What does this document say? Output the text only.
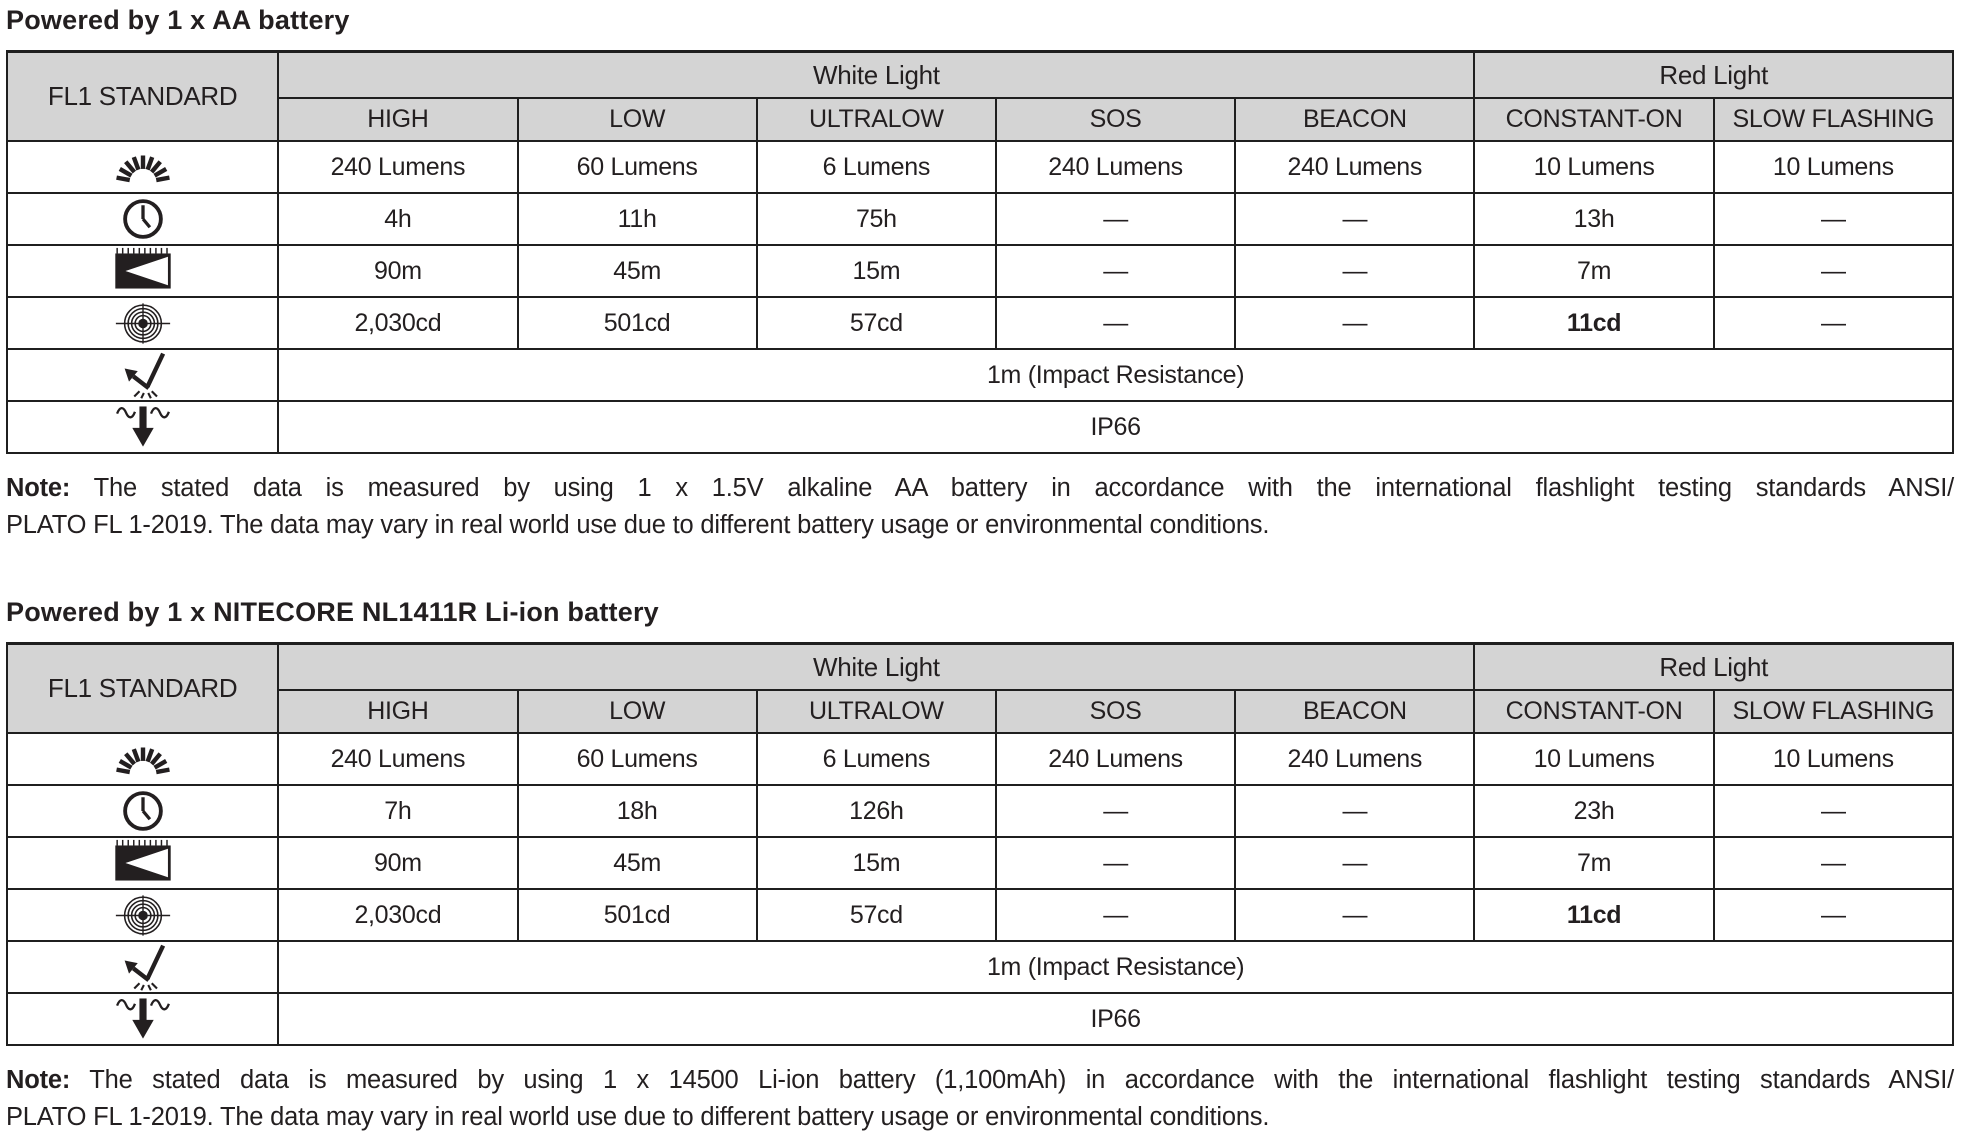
Powered by 1 x AA battery
FL1 STANDARD	White Light					Red Light	
	HIGH	LOW	ULTRALOW	SOS	BEACON	CONSTANT-ON	SLOW FLASHING

	240 Lumens	60 Lumens	6 Lumens	240 Lumens	240 Lumens	10 Lumens	10 Lumens

	4h	11h	75h	—	—	13h	—

	90m	45m	15m	—	—	7m	—

	2,030cd	501cd	57cd	—	—	11cd	—

	1m (Impact Resistance)						

	IP66						
Note: The stated data is measured by using 1 x 1.5V alkaline AA battery in accordance with the international flashlight testing standards ANSI/
PLATO FL 1-2019. The data may vary in real world use due to different battery usage or environmental conditions.
Powered by 1 x NITECORE NL1411R Li-ion battery
FL1 STANDARD	White Light					Red Light	
	HIGH	LOW	ULTRALOW	SOS	BEACON	CONSTANT-ON	SLOW FLASHING

	240 Lumens	60 Lumens	6 Lumens	240 Lumens	240 Lumens	10 Lumens	10 Lumens

	7h	18h	126h	—	—	23h	—

	90m	45m	15m	—	—	7m	—

	2,030cd	501cd	57cd	—	—	11cd	—

	1m (Impact Resistance)						

	IP66						
Note: The stated data is measured by using 1 x 14500 Li-ion battery (1,100mAh) in accordance with the international flashlight testing standards ANSI/
PLATO FL 1-2019. The data may vary in real world use due to different battery usage or environmental conditions.
